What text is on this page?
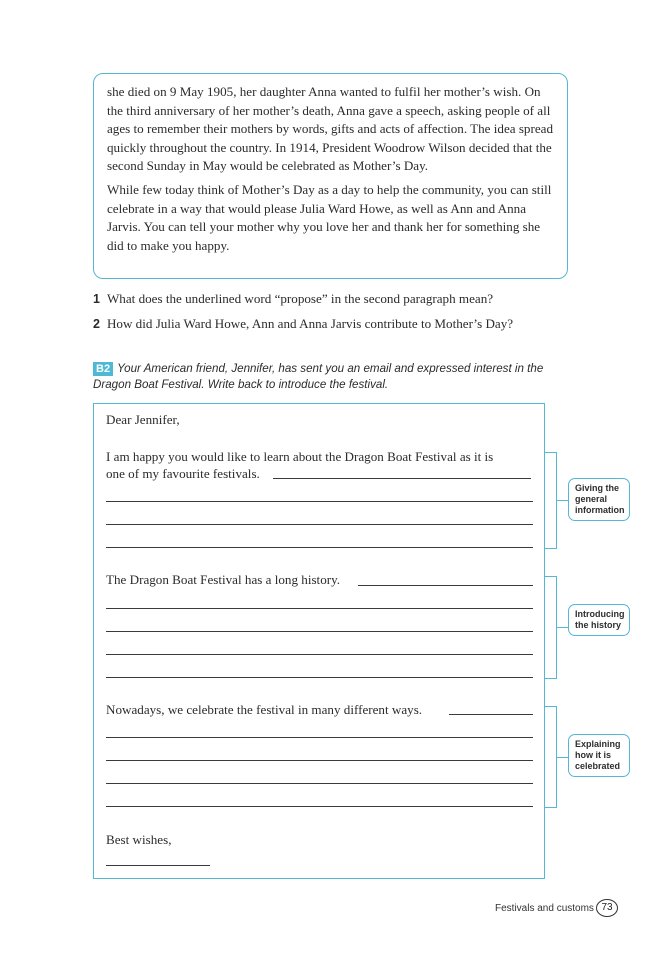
she died on 9 May 1905, her daughter Anna wanted to fulfil her mother’s wish. On the third anniversary of her mother’s death, Anna gave a speech, asking people of all ages to remember their mothers by words, gifts and acts of affection. The idea spread quickly throughout the country. In 1914, President Woodrow Wilson decided that the second Sunday in May would be celebrated as Mother’s Day.

While few today think of Mother’s Day as a day to help the community, you can still celebrate in a way that would please Julia Ward Howe, as well as Ann and Anna Jarvis. You can tell your mother why you love her and thank her for something she did to make you happy.

1 What does the underlined word “propose” in the second paragraph mean?
2 How did Julia Ward Howe, Ann and Anna Jarvis contribute to Mother’s Day?
B2 Your American friend, Jennifer, has sent you an email and expressed interest in the Dragon Boat Festival. Write back to introduce the festival.
Dear Jennifer,
I am happy you would like to learn about the Dragon Boat Festival as it is
one of my favourite festivals.
The Dragon Boat Festival has a long history.
Nowadays, we celebrate the festival in many different ways.
Best wishes,
Giving the general information
Introducing the history
Explaining how it is celebrated
Festivals and customs 73
